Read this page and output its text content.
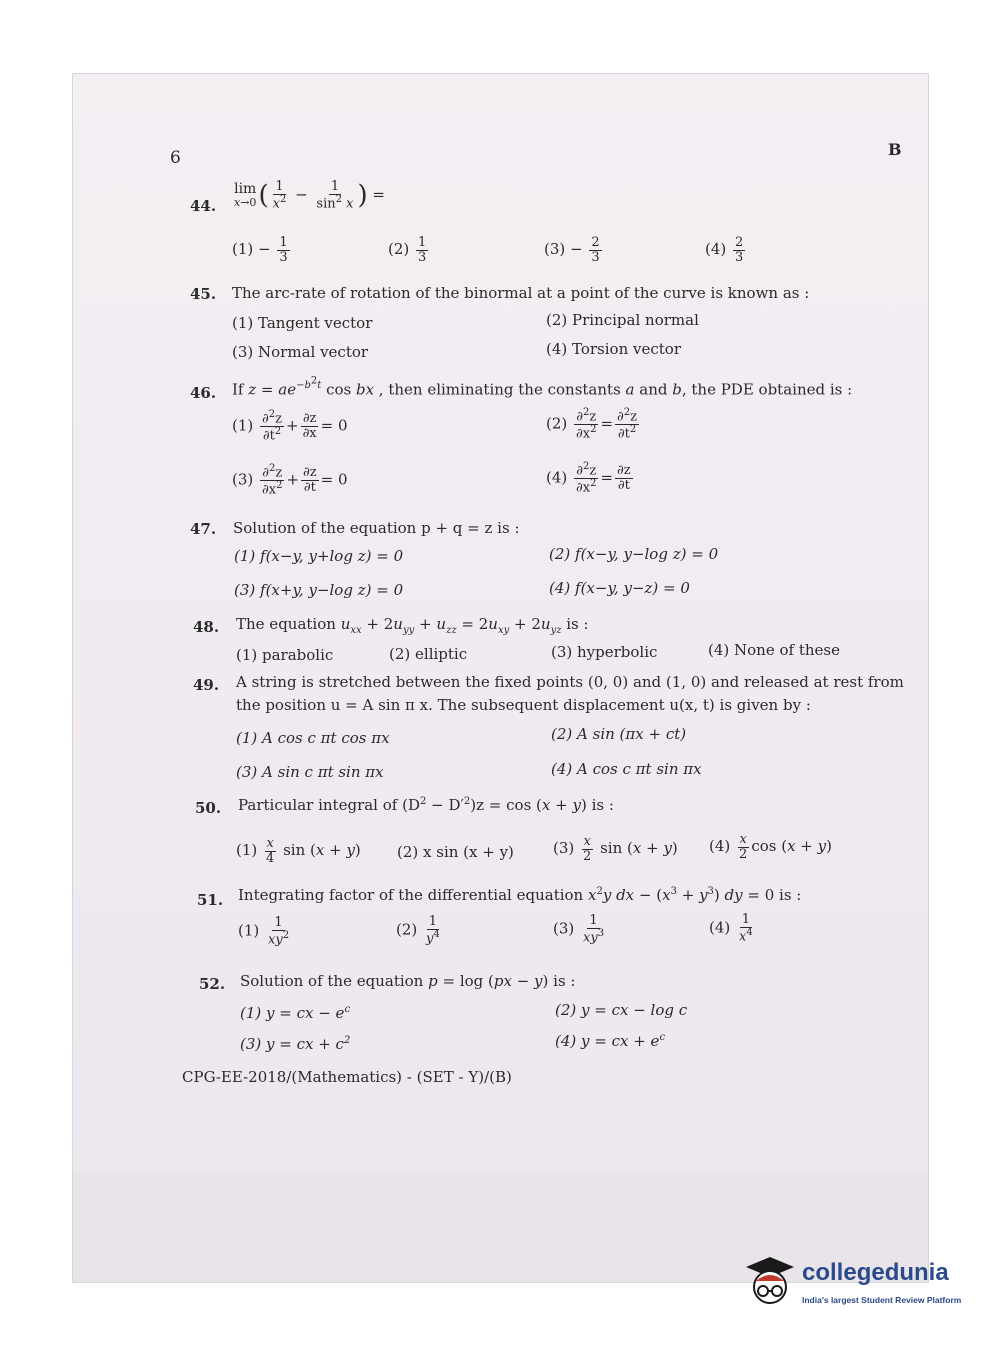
6	B
44.
lim
x→0 ( $\frac{1}{x^2} - \frac{1}{\sin^2 x}$ ) =
$(1) - \frac{1}{3}$	$(2) \frac{1}{3}$	$(3) - \frac{2}{3}$	$(4) \frac{2}{3}$
45. The arc-rate of rotation of the binormal at a point of the curve is known as :
(1) Tangent vector	(2) Principal normal
(3) Normal vector	(4) Torsion vector
46. If $z = ae^{-b^2t}$ cos bx , then eliminating the constants a and b, the PDE obtained is :
$(1) \frac{\partial^2z}{\partial t^2} + \frac{\partial z}{\partial x} = 0$	$(2) \frac{\partial^2z}{\partial x^2} = \frac{\partial^2z}{\partial t^2}$
$(3) \frac{\partial^2z}{\partial x^2} + \frac{\partial z}{\partial t} = 0$	$(4) \frac{\partial^2z}{\partial x^2} = \frac{\partial z}{\partial t}$
47. Solution of the equation p + q = z is :
(1) f(x−y, y+log z) = 0	(2) f(x−y, y−log z) = 0
(3) f(x+y, y−log z) = 0	(4) f(x−y, y−z) = 0
48. The equation $u_{xx} + 2u_{yy} + u_{zz} = 2u_{xy} + 2u_{yz}$ is :
(1) parabolic	(2) elliptic	(3) hyperbolic	(4) None of these
49. A string is stretched between the fixed points (0, 0) and (1, 0) and released at rest from
the position u = A sin π x. The subsequent displacement u(x, t) is given by :
(1) A cos c πt cos πx	(2) A sin (πx + ct)
(3) A sin c πt sin πx	(4) A cos c πt sin πx
50. Particular integral of $(D^2 - D'^2)z = \cos (x + y)$ is :
$(1) \frac{x}{4}$ sin (x + y) (2) x sin (x + y)	$(3) \frac{x}{2}$ sin (x + y) $(4) \frac{x}{2}$ cos (x + y)
51. Integrating factor of the differential equation $x^2y$ dx − $(x^3 + y^3)$ dy = 0 is :
$(1) \frac{1}{xy^2}$	$(2) \frac{1}{y^4}$	$(3) \frac{1}{xy^3}$	$(4) \frac{1}{x^4}$
52. Solution of the equation p = log (px − y) is :
(1) y = cx − $e^c$	(2) y = cx − log c
(3) y = cx + $c^2$	(4) y = cx + $e^c$
CPG-EE-2018/(Mathematics) - (SET - Y)/(B)
collegedunia
India's largest Student Review Platform
